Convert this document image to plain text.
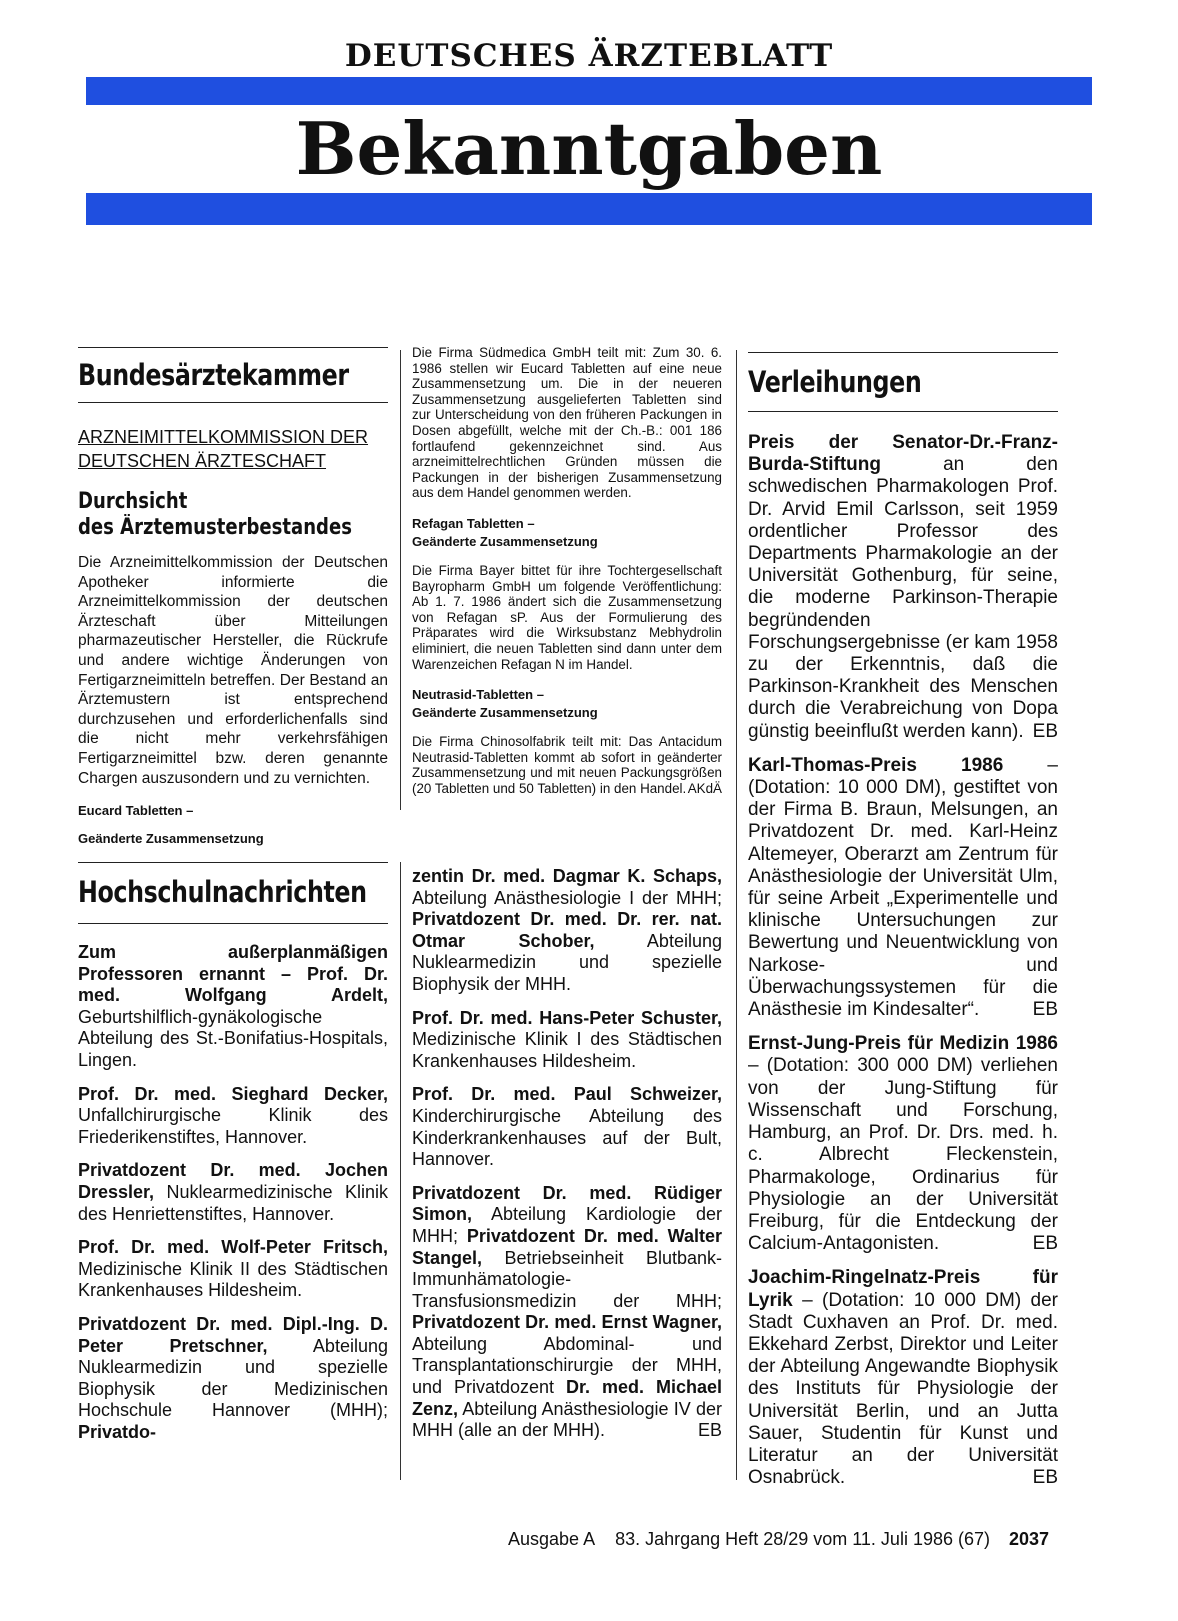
DEUTSCHES ÄRZTEBLATT
Bekanntgaben
Bundesärztekammer
ARZNEIMITTELKOMMISSION DER
DEUTSCHEN ÄRZTESCHAFT
Durchsicht
des Ärztemusterbestandes

Die Arzneimittelkommission der Deutschen Apotheker informierte die Arzneimittelkommission der deutschen Ärzteschaft über Mitteilungen pharmazeutischer Hersteller, die Rückrufe und andere wichtige Änderungen von Fertigarzneimitteln betreffen. Der Bestand an Ärztemustern ist entsprechend durchzusehen und erforderlichenfalls sind die nicht mehr verkehrsfähigen Fertigarzneimittel bzw. deren genannte Chargen auszusondern und zu vernichten.

Eucard Tabletten –
Geänderte Zusammensetzung

Die Firma Südmedica GmbH teilt mit: Zum 30. 6. 1986 stellen wir Eucard Tabletten auf eine neue Zusammensetzung um. Die in der neueren Zusammensetzung ausgelieferten Tabletten sind zur Unterscheidung von den früheren Packungen in Dosen abgefüllt, welche mit der Ch.-B.: 001 186 fortlaufend gekennzeichnet sind. Aus arzneimittelrechtlichen Gründen müssen die Packungen in der bisherigen Zusammensetzung aus dem Handel genommen werden.

Refagan Tabletten –
Geänderte Zusammensetzung

Die Firma Bayer bittet für ihre Tochtergesellschaft Bayropharm GmbH um folgende Veröffentlichung: Ab 1. 7. 1986 ändert sich die Zusammensetzung von Refagan sP. Aus der Formulierung des Präparates wird die Wirksubstanz Mebhydrolin eliminiert, die neuen Tabletten sind dann unter dem Warenzeichen Refagan N im Handel.

Neutrasid-Tabletten –
Geänderte Zusammensetzung

Die Firma Chinosolfabrik teilt mit: Das Antacidum Neutrasid-Tabletten kommt ab sofort in geänderter Zusammensetzung und mit neuen Packungsgrößen (20 Tabletten und 50 Tabletten) in den Handel. AKdÄ

Hochschulnachrichten
Zum außerplanmäßigen Professoren ernannt – Prof. Dr. med. Wolfgang Ardelt, Geburtshilflich-gynäkologische Abteilung des St.-Bonifatius-Hospitals, Lingen.
Prof. Dr. med. Sieghard Decker, Unfallchirurgische Klinik des Friederikenstiftes, Hannover.
Privatdozent Dr. med. Jochen Dressler, Nuklearmedizinische Klinik des Henriettenstiftes, Hannover.
Prof. Dr. med. Wolf-Peter Fritsch, Medizinische Klinik II des Städtischen Krankenhauses Hildesheim.
Privatdozent Dr. med. Dipl.-Ing. D. Peter Pretschner, Abteilung Nuklearmedizin und spezielle Biophysik der Medizinischen Hochschule Hannover (MHH); Privatdo-
zentin Dr. med. Dagmar K. Schaps, Abteilung Anästhesiologie I der MHH; Privatdozent Dr. med. Dr. rer. nat. Otmar Schober, Abteilung Nuklearmedizin und spezielle Biophysik der MHH.
Prof. Dr. med. Hans-Peter Schuster, Medizinische Klinik I des Städtischen Krankenhauses Hildesheim.
Prof. Dr. med. Paul Schweizer, Kinderchirurgische Abteilung des Kinderkrankenhauses auf der Bult, Hannover.
Privatdozent Dr. med. Rüdiger Simon, Abteilung Kardiologie der MHH; Privatdozent Dr. med. Walter Stangel, Betriebseinheit Blutbank-Immunhämatologie-Transfusionsmedizin der MHH; Privatdozent Dr. med. Ernst Wagner, Abteilung Abdominal- und Transplantationschirurgie der MHH, und Privatdozent Dr. med. Michael Zenz, Abteilung Anästhesiologie IV der MHH (alle an der MHH).	EB
Verleihungen
Preis der Senator-Dr.-Franz-Burda-Stiftung an den schwedischen Pharmakologen Prof. Dr. Arvid Emil Carlsson, seit 1959 ordentlicher Professor des Departments Pharmakologie an der Universität Gothenburg, für seine, die moderne Parkinson-Therapie begründenden Forschungsergebnisse (er kam 1958 zu der Erkenntnis, daß die Parkinson-Krankheit des Menschen durch die Verabreichung von Dopa günstig beeinflußt werden kann). EB
Karl-Thomas-Preis 1986 – (Dotation: 10 000 DM), gestiftet von der Firma B. Braun, Melsungen, an Privatdozent Dr. med. Karl-Heinz Altemeyer, Oberarzt am Zentrum für Anästhesiologie der Universität Ulm, für seine Arbeit „Experimentelle und klinische Untersuchungen zur Bewertung und Neuentwicklung von Narkose- und Überwachungssystemen für die Anästhesie im Kindesalter“.	EB
Ernst-Jung-Preis für Medizin 1986 – (Dotation: 300 000 DM) verliehen von der Jung-Stiftung für Wissenschaft und Forschung, Hamburg, an Prof. Dr. Drs. med. h. c. Albrecht Fleckenstein, Pharmakologe, Ordinarius für Physiologie an der Universität Freiburg, für die Entdeckung der Calcium-Antagonisten.	EB
Joachim-Ringelnatz-Preis für Lyrik – (Dotation: 10 000 DM) der Stadt Cuxhaven an Prof. Dr. med. Ekkehard Zerbst, Direktor und Leiter der Abteilung Angewandte Biophysik des Instituts für Physiologie der Universität Berlin, und an Jutta Sauer, Studentin für Kunst und Literatur an der Universität Osnabrück.	EB
Ausgabe A 83. Jahrgang Heft 28/29 vom 11. Juli 1986 (67) 2037
